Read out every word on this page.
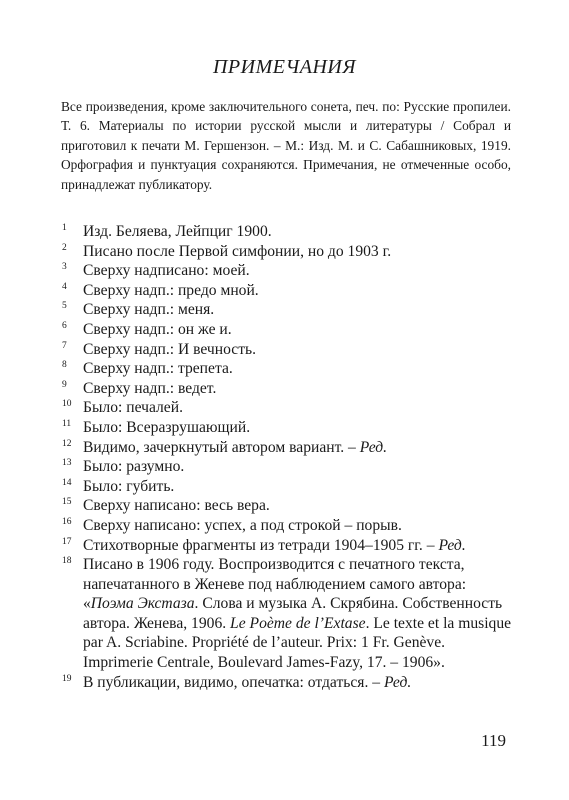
ПРИМЕЧАНИЯ
Все произведения, кроме заключительного сонета, печ. по: Русские пропилеи. Т. 6. Материалы по истории русской мысли и литературы / Собрал и приготовил к печати М. Гершензон. – М.: Изд. М. и С. Сабашниковых, 1919. Орфография и пунктуация сохраняются. Примечания, не отмеченные особо, принадлежат публикатору.
1 Изд. Беляева, Лейпциг 1900.
2 Писано после Первой симфонии, но до 1903 г.
3 Сверху надписано: моей.
4 Сверху надп.: предо мной.
5 Сверху надп.: меня.
6 Сверху надп.: он же и.
7 Сверху надп.: И вечность.
8 Сверху надп.: трепета.
9 Сверху надп.: ведет.
10 Было: печалей.
11 Было: Всеразрушающий.
12 Видимо, зачеркнутый автором вариант. – Ред.
13 Было: разумно.
14 Было: губить.
15 Сверху написано: весь вера.
16 Сверху написано: успех, а под строкой – порыв.
17 Стихотворные фрагменты из тетради 1904–1905 гг. – Ред.
18 Писано в 1906 году. Воспроизводится с печатного текста, напечатанного в Женеве под наблюдением самого автора: «Поэма Экстаза. Слова и музыка А. Скрябина. Собственность автора. Женева, 1906. Le Poème de l’Extase. Le texte et la musique par A. Scriabine. Propriété de l’auteur. Prix: 1 Fr. Genève. Imprimerie Centrale, Boulevard James-Fazy, 17. – 1906».
19 В публикации, видимо, опечатка: отдаться. – Ред.
119
